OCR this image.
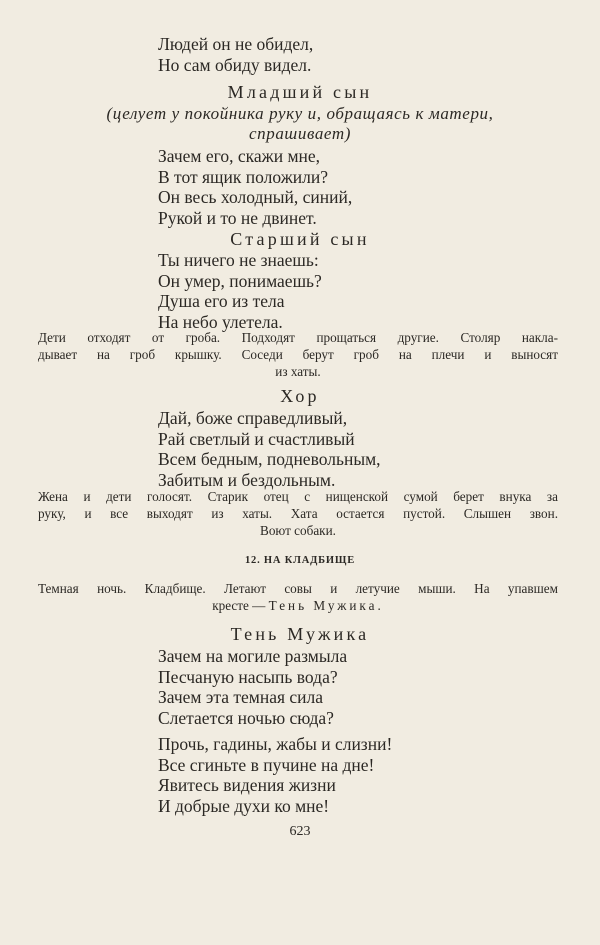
Людей он не обидел,
Но сам обиду видел.
Младший сын
(целует у покойника руку и, обращаясь к матери,
спрашивает)
Зачем его, скажи мне,
В тот ящик положили?
Он весь холодный, синий,
Рукой и то не двинет.
Старший сын
Ты ничего не знаешь:
Он умер, понимаешь?
Душа его из тела
На небо улетела.
Дети отходят от гроба. Подходят прощаться другие. Столяр накла-
дывает на гроб крышку. Соседи берут гроб на плечи и выносят
из хаты.
Хор
Дай, боже справедливый,
Рай светлый и счастливый
Всем бедным, подневольным,
Забитым и бездольным.
Жена и дети голосят. Старик отец с нищенской сумой берет внука за
руку, и все выходят из хаты. Хата остается пустой. Слышен звон.
Воют собаки.
12. НА КЛАДБИЩЕ
Темная ночь. Кладбище. Летают совы и летучие мыши. На упавшем
кресте — Тень Мужика.
Тень Мужика
Зачем на могиле размыла
Песчаную насыпь вода?
Зачем эта темная сила
Слетается ночью сюда?
Прочь, гадины, жабы и слизни!
Все сгиньте в пучине на дне!
Явитесь видения жизни
И добрые духи ко мне!
623
